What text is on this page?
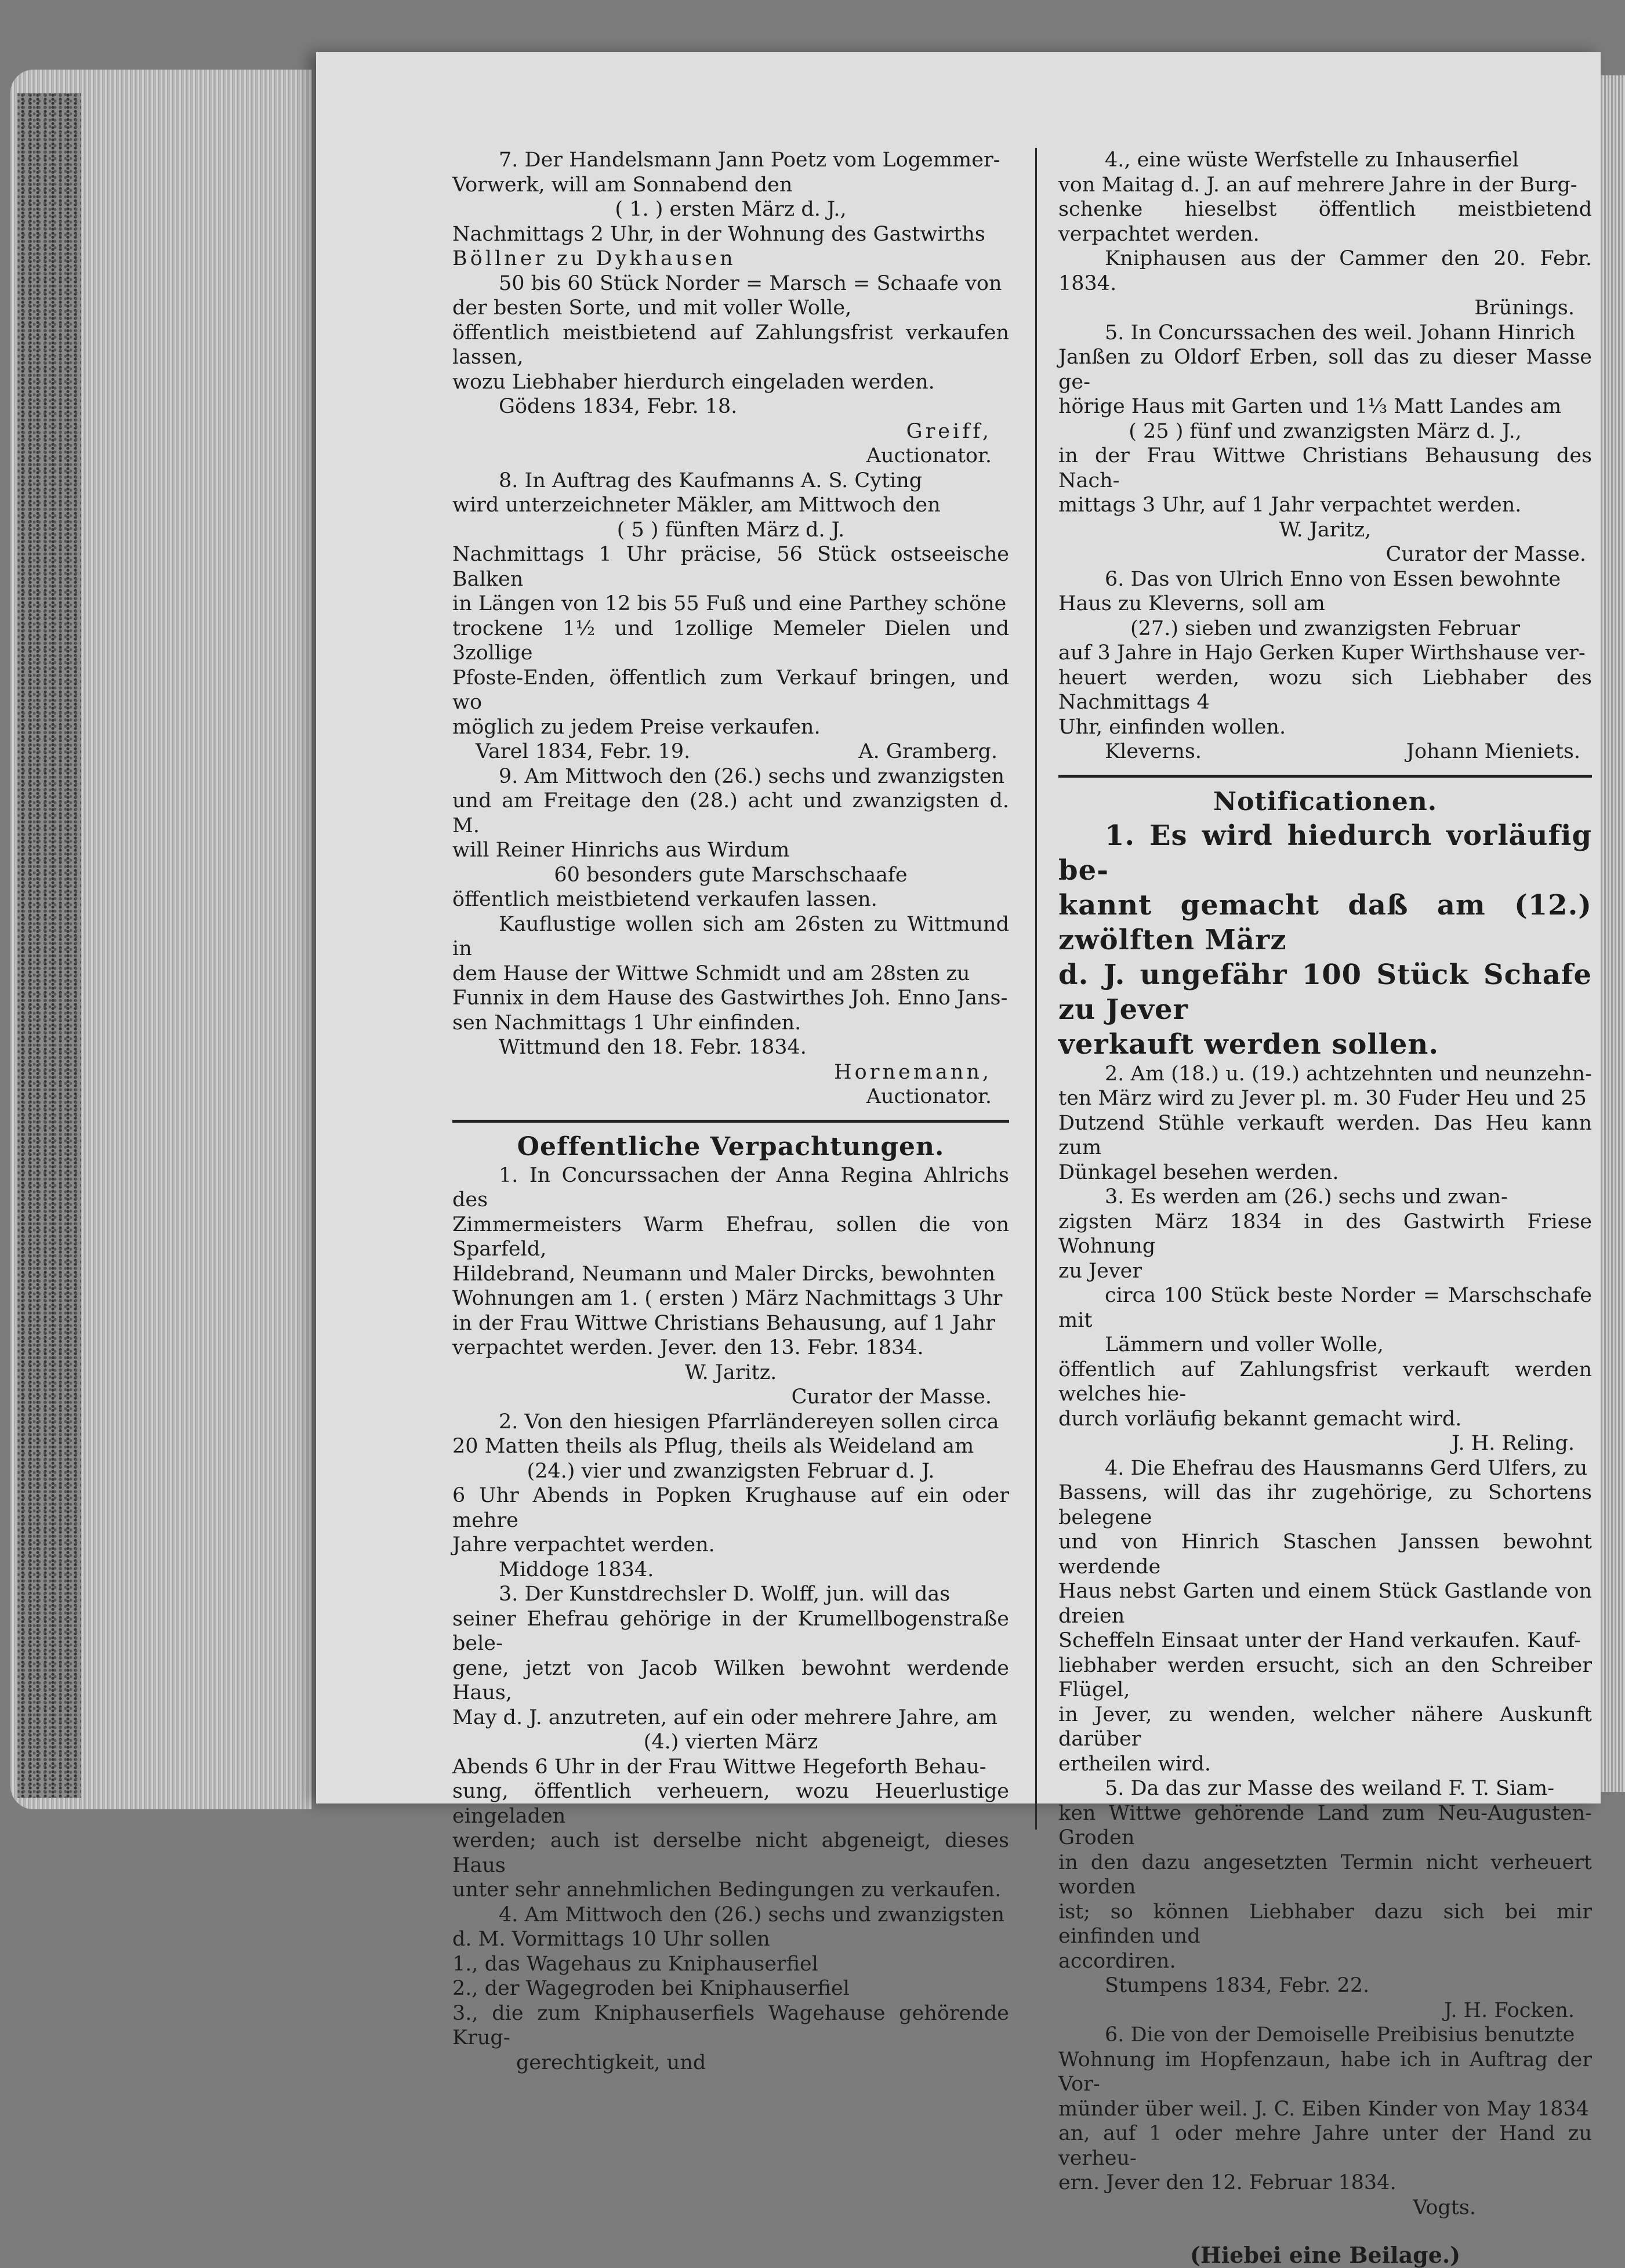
7. Der Handelsmann Jann Poetz vom Logemmer-

Vorwerk, will am Sonnabend den

( 1. ) ersten März d. J.,

Nachmittags 2 Uhr, in der Wohnung des Gastwirths

Böllner zu Dykhausen

50 bis 60 Stück Norder = Marsch = Schaafe von

der besten Sorte, und mit voller Wolle,

öffentlich meistbietend auf Zahlungsfrist verkaufen lassen,

wozu Liebhaber hierdurch eingeladen werden.

Gödens 1834, Febr. 18.

Greiff,

Auctionator.

8. In Auftrag des Kaufmanns A. S. Cyting

wird unterzeichneter Mäkler, am Mittwoch den

( 5 ) fünften März d. J.

Nachmittags 1 Uhr präcise, 56 Stück ostseeische Balken

in Längen von 12 bis 55 Fuß und eine Parthey schöne

trockene 1½ und 1zollige Memeler Dielen und 3zollige

Pfoste-Enden, öffentlich zum Verkauf bringen, und wo

möglich zu jedem Preise verkaufen.

Varel 1834, Febr. 19.	A. Gramberg.

9. Am Mittwoch den (26.) sechs und zwanzigsten

und am Freitage den (28.) acht und zwanzigsten d. M.

will Reiner Hinrichs aus Wirdum

60 besonders gute Marschschaafe

öffentlich meistbietend verkaufen lassen.

Kauflustige wollen sich am 26sten zu Wittmund in

dem Hause der Wittwe Schmidt und am 28sten zu

Funnix in dem Hause des Gastwirthes Joh. Enno Jans-

sen Nachmittags 1 Uhr einfinden.

Wittmund den 18. Febr. 1834.

Hornemann,

Auctionator.

Oeffentliche Verpachtungen.

1. In Concurssachen der Anna Regina Ahlrichs des

Zimmermeisters Warm Ehefrau, sollen die von Sparfeld,

Hildebrand, Neumann und Maler Dircks, bewohnten

Wohnungen am 1. ( ersten ) März Nachmittags 3 Uhr

in der Frau Wittwe Christians Behausung, auf 1 Jahr

verpachtet werden. Jever. den 13. Febr. 1834.

W. Jaritz.

Curator der Masse.

2. Von den hiesigen Pfarrländereyen sollen circa

20 Matten theils als Pflug, theils als Weideland am

(24.) vier und zwanzigsten Februar d. J.

6 Uhr Abends in Popken Krughause auf ein oder mehre

Jahre verpachtet werden.

Middoge 1834.

3. Der Kunstdrechsler D. Wolff, jun. will das

seiner Ehefrau gehörige in der Krumellbogenstraße bele-

gene, jetzt von Jacob Wilken bewohnt werdende Haus,

May d. J. anzutreten, auf ein oder mehrere Jahre, am

(4.) vierten März

Abends 6 Uhr in der Frau Wittwe Hegeforth Behau-

sung, öffentlich verheuern, wozu Heuerlustige eingeladen

werden; auch ist derselbe nicht abgeneigt, dieses Haus

unter sehr annehmlichen Bedingungen zu verkaufen.

4. Am Mittwoch den (26.) sechs und zwanzigsten

d. M. Vormittags 10 Uhr sollen

1., das Wagehaus zu Kniphauserfiel

2., der Wagegroden bei Kniphauserfiel

3., die zum Kniphauserfiels Wagehause gehörende Krug-

gerechtigkeit, und

4., eine wüste Werfstelle zu Inhauserfiel

von Maitag d. J. an auf mehrere Jahre in der Burg-

schenke hieselbst öffentlich meistbietend verpachtet werden.

Kniphausen aus der Cammer den 20. Febr. 1834.

Brünings.

5. In Concurssachen des weil. Johann Hinrich

Janßen zu Oldorf Erben, soll das zu dieser Masse ge-

hörige Haus mit Garten und 1⅓ Matt Landes am

( 25 ) fünf und zwanzigsten März d. J.,

in der Frau Wittwe Christians Behausung des Nach-

mittags 3 Uhr, auf 1 Jahr verpachtet werden.

W. Jaritz,

Curator der Masse.

6. Das von Ulrich Enno von Essen bewohnte

Haus zu Kleverns, soll am

(27.) sieben und zwanzigsten Februar

auf 3 Jahre in Hajo Gerken Kuper Wirthshause ver-

heuert werden, wozu sich Liebhaber des Nachmittags 4

Uhr, einfinden wollen.

Kleverns.	Johann Mieniets.

Notificationen.

1. Es wird hiedurch vorläufig be-

kannt gemacht daß am (12.) zwölften März

d. J. ungefähr 100 Stück Schafe zu Jever

verkauft werden sollen.

2. Am (18.) u. (19.) achtzehnten und neunzehn-

ten März wird zu Jever pl. m. 30 Fuder Heu und 25

Dutzend Stühle verkauft werden. Das Heu kann zum

Dünkagel besehen werden.

3. Es werden am (26.) sechs und zwan-

zigsten März 1834 in des Gastwirth Friese Wohnung

zu Jever

circa 100 Stück beste Norder = Marschschafe mit

Lämmern und voller Wolle,

öffentlich auf Zahlungsfrist verkauft werden welches hie-

durch vorläufig bekannt gemacht wird.

J. H. Reling.

4. Die Ehefrau des Hausmanns Gerd Ulfers, zu

Bassens, will das ihr zugehörige, zu Schortens belegene

und von Hinrich Staschen Janssen bewohnt werdende

Haus nebst Garten und einem Stück Gastlande von dreien

Scheffeln Einsaat unter der Hand verkaufen. Kauf-

liebhaber werden ersucht, sich an den Schreiber Flügel,

in Jever, zu wenden, welcher nähere Auskunft darüber

ertheilen wird.

5. Da das zur Masse des weiland F. T. Siam-

ken Wittwe gehörende Land zum Neu-Augusten-Groden

in den dazu angesetzten Termin nicht verheuert worden

ist; so können Liebhaber dazu sich bei mir einfinden und

accordiren.

Stumpens 1834, Febr. 22.

J. H. Focken.

6. Die von der Demoiselle Preibisius benutzte

Wohnung im Hopfenzaun, habe ich in Auftrag der Vor-

münder über weil. J. C. Eiben Kinder von May 1834

an, auf 1 oder mehre Jahre unter der Hand zu verheu-

ern. Jever den 12. Februar 1834.

Vogts.

(Hiebei eine Beilage.)
